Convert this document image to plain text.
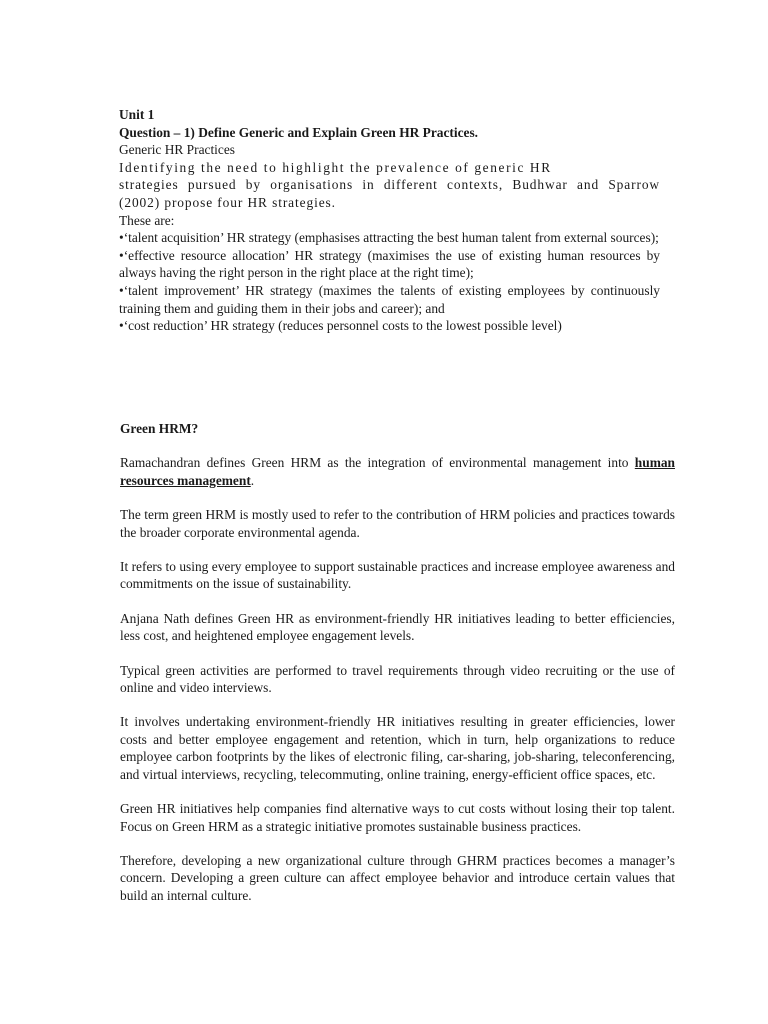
Unit 1

Question – 1) Define Generic and Explain Green HR Practices.

Generic HR Practices

Identifying the need to highlight the prevalence of generic HR

strategies pursued by organisations in different contexts, Budhwar and Sparrow (2002) propose four HR strategies.

These are:

•‘talent acquisition’ HR strategy (emphasises attracting the best human talent from external sources);

•‘effective resource allocation’ HR strategy (maximises the use of existing human resources by always having the right person in the right place at the right time);

•‘talent improvement’ HR strategy (maximes the talents of existing employees by continuously training them and guiding them in their jobs and career); and

•‘cost reduction’ HR strategy (reduces personnel costs to the lowest possible level)

Green HRM?

Ramachandran defines Green HRM as the integration of environmental management into human resources management.

The term green HRM is mostly used to refer to the contribution of HRM policies and practices towards the broader corporate environmental agenda.

It refers to using every employee to support sustainable practices and increase employee awareness and commitments on the issue of sustainability.

Anjana Nath defines Green HR as environment-friendly HR initiatives leading to better efficiencies, less cost, and heightened employee engagement levels.

Typical green activities are performed to travel requirements through video recruiting or the use of online and video interviews.

It involves undertaking environment-friendly HR initiatives resulting in greater efficiencies, lower costs and better employee engagement and retention, which in turn, help organizations to reduce employee carbon footprints by the likes of electronic filing, car-sharing, job-sharing, teleconferencing, and virtual interviews, recycling, telecommuting, online training, energy-efficient office spaces, etc.

Green HR initiatives help companies find alternative ways to cut costs without losing their top talent. Focus on Green HRM as a strategic initiative promotes sustainable business practices.

Therefore, developing a new organizational culture through GHRM practices becomes a manager’s concern. Developing a green culture can affect employee behavior and introduce certain values that build an internal culture.
